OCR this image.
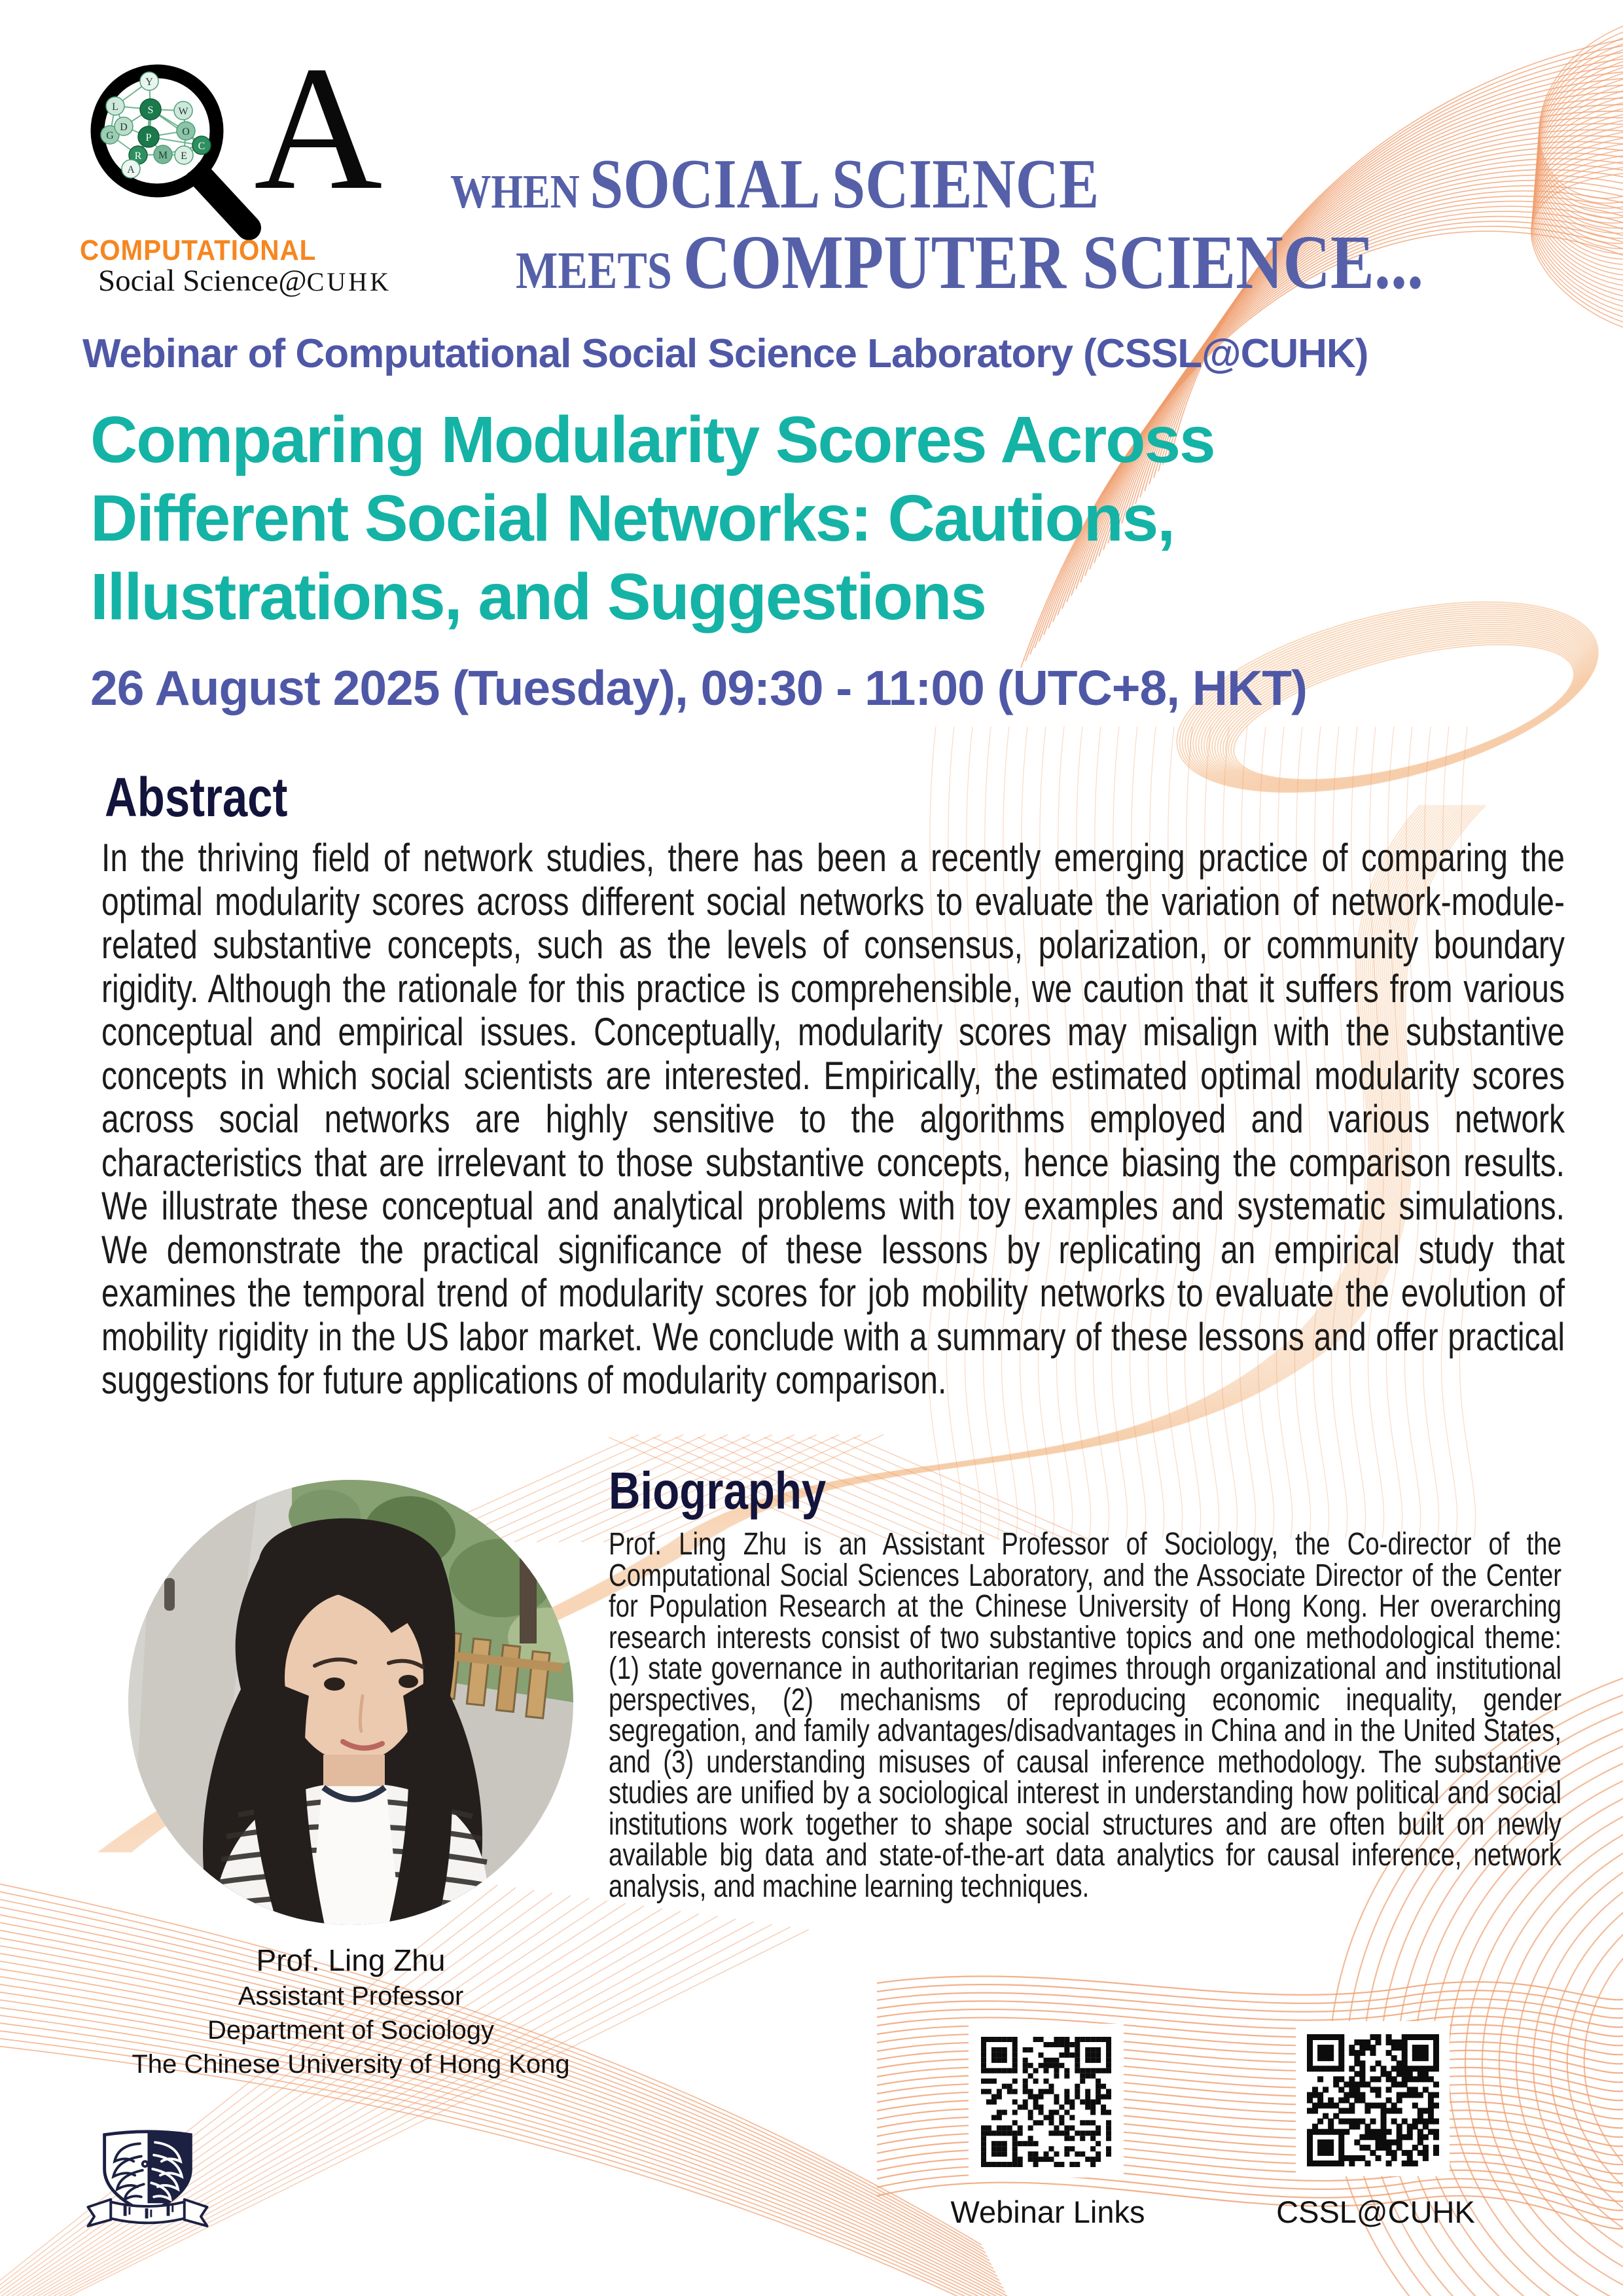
Y
L	S W
G
D	O
P
C
R M E
A A
COMPUTATIONAL
Social Science@CUHK
WHEN SOCIAL SCIENCE
MEETS COMPUTER SCIENCE...
Webinar of Computational Social Science Laboratory (CSSL@CUHK)
Comparing Modularity Scores Across
Different Social Networks: Cautions,
Illustrations, and Suggestions
26 August 2025 (Tuesday), 09:30 - 11:00 (UTC+8, HKT)
Abstract
In the thriving field of network studies, there has been a recently emerging practice of comparing the optimal modularity scores across different social networks to evaluate the variation of network-module-related substantive concepts, such as the levels of consensus, polarization, or community boundary rigidity. Although the rationale for this practice is comprehensible, we caution that it suffers from various conceptual and empirical issues. Conceptually, modularity scores may misalign with the substantive concepts in which social scientists are interested. Empirically, the estimated optimal modularity scores across social networks are highly sensitive to the algorithms employed and various network characteristics that are irrelevant to those substantive concepts, hence biasing the comparison results. We illustrate these conceptual and analytical problems with toy examples and systematic simulations. We demonstrate the practical significance of these lessons by replicating an empirical study that examines the temporal trend of modularity scores for job mobility networks to evaluate the evolution of mobility rigidity in the US labor market. We conclude with a summary of these lessons and offer practical suggestions for future applications of modularity comparison.
Prof. Ling Zhu
Assistant Professor
Department of Sociology
The Chinese University of Hong Kong
Biography
Prof. Ling Zhu is an Assistant Professor of Sociology, the Co-director of the Computational Social Sciences Laboratory, and the Associate Director of the Center for Population Research at the Chinese University of Hong Kong. Her overarching research interests consist of two substantive topics and one methodological theme: (1) state governance in authoritarian regimes through organizational and institutional perspectives, (2) mechanisms of reproducing economic inequality, gender segregation, and family advantages/disadvantages in China and in the United States, and (3) understanding misuses of causal inference methodology. The substantive studies are unified by a sociological interest in understanding how political and social institutions work together to shape social structures and are often built on newly available big data and state-of-the-art data analytics for causal inference, network analysis, and machine learning techniques.
Webinar Links	CSSL@CUHK
